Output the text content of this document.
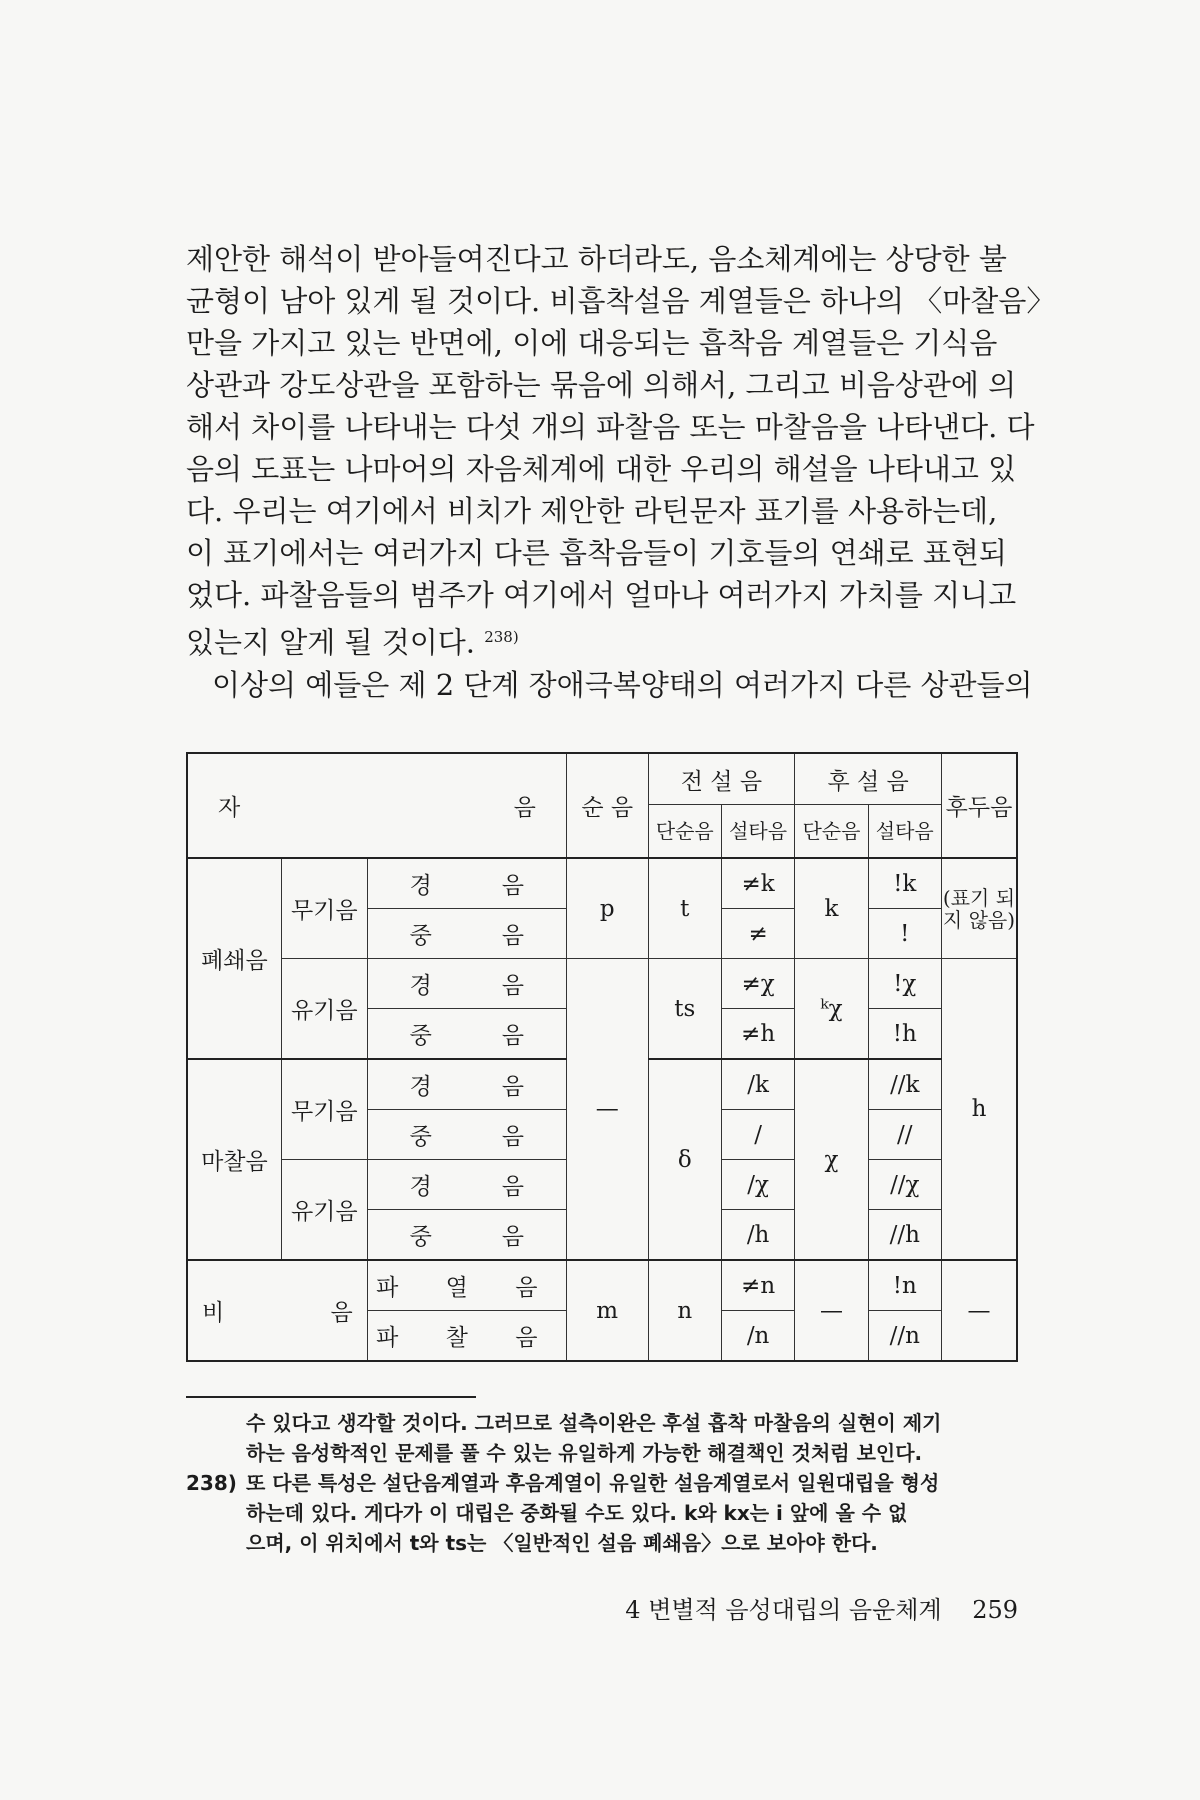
제안한 해석이 받아들여진다고 하더라도, 음소체계에는 상당한 불
균형이 남아 있게 될 것이다. 비흡착설음 계열들은 하나의 〈마찰음〉
만을 가지고 있는 반면에, 이에 대응되는 흡착음 계열들은 기식음
상관과 강도상관을 포함하는 묶음에 의해서, 그리고 비음상관에 의
해서 차이를 나타내는 다섯 개의 파찰음 또는 마찰음을 나타낸다. 다
음의 도표는 나마어의 자음체계에 대한 우리의 해설을 나타내고 있
다. 우리는 여기에서 비치가 제안한 라틴문자 표기를 사용하는데,
이 표기에서는 여러가지 다른 흡착음들이 기호들의 연쇄로 표현되
었다. 파찰음들의 범주가 여기에서 얼마나 여러가지 가치를 지니고
있는지 알게 될 것이다. $^{238)}$
이상의 예들은 제 2 단계 장애극복양태의 여러가지 다른 상관들의
자 음			순 음	전 설 음		후 설 음		후두음
				단순음	설타음	단순음	설타음	
폐쇄음	무기음	경 음	p	t	≠k	k	!k	(표기 되지 않음)
		중 음			≠		!	
	유기음	경 음	—	ts	≠χ	ᵏχ	!χ	h
		중 음			≠h		!h	
마찰음	무기음	경 음		δ	/k	χ	//k	
		중 음			/		//	
	유기음	경 음			/χ		//χ	
		중 음			/h		//h	

비 음		파 열 음	m	n	≠n	—	!n	—
		파 찰 음			/n		//n	
수 있다고 생각할 것이다. 그러므로 설측이완은 후설 흡착 마찰음의 실현이 제기
하는 음성학적인 문제를 풀 수 있는 유일하게 가능한 해결책인 것처럼 보인다.
238) 또 다른 특성은 설단음계열과 후음계열이 유일한 설음계열로서 일원대립을 형성
하는데 있다. 게다가 이 대립은 중화될 수도 있다. k와 kx는 i 앞에 올 수 없
으며, 이 위치에서 t와 ts는 〈일반적인 설음 폐쇄음〉으로 보아야 한다.
4 변별적 음성대립의 음운체계 259
